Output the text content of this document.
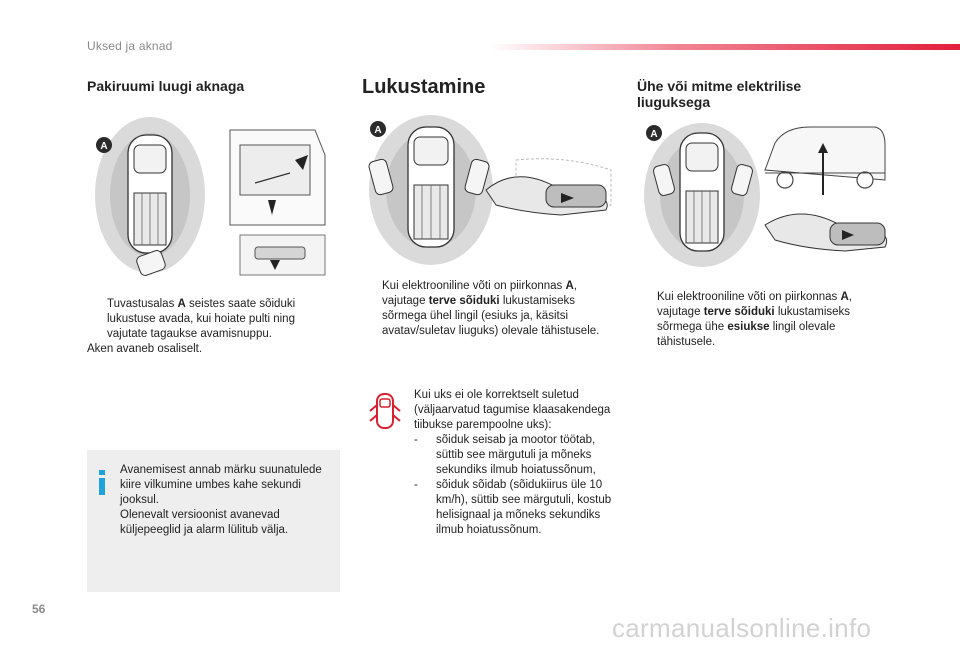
Uksed ja aknad
Pakiruumi luugi aknaga
A
Tuvastusalas A seistes saate sõiduki lukustuse avada, kui hoiate pulti ning vajutate tagaukse avamisnuppu.
Aken avaneb osaliselt.
Avanemisest annab märku suunatulede kiire vilkumine umbes kahe sekundi jooksul.
Olenevalt versioonist avanevad küljepeeglid ja alarm lülitub välja.
Lukustamine
A
Kui elektrooniline võti on piirkonnas A, vajutage terve sõiduki lukustamiseks sõrmega ühel lingil (esiuks ja, käsitsi avatav/suletav liuguks) olevale tähistusele.
Kui uks ei ole korrektselt suletud (väljaarvatud tagumise klaasakendega tiibukse parempoolne uks):
-	sõiduk seisab ja mootor töötab, süttib see märgutuli ja mõneks sekundiks ilmub hoiatussõnum,
-	sõiduk sõidab (sõidukiirus üle 10 km/h), süttib see märgutuli, kostub helisignaal ja mõneks sekundiks ilmub hoiatussõnum.
Ühe või mitme elektrilise liuguksega
A
Kui elektrooniline võti on piirkonnas A, vajutage terve sõiduki lukustamiseks sõrmega ühe esiukse lingil olevale tähistusele.
56
carmanualsonline.info
